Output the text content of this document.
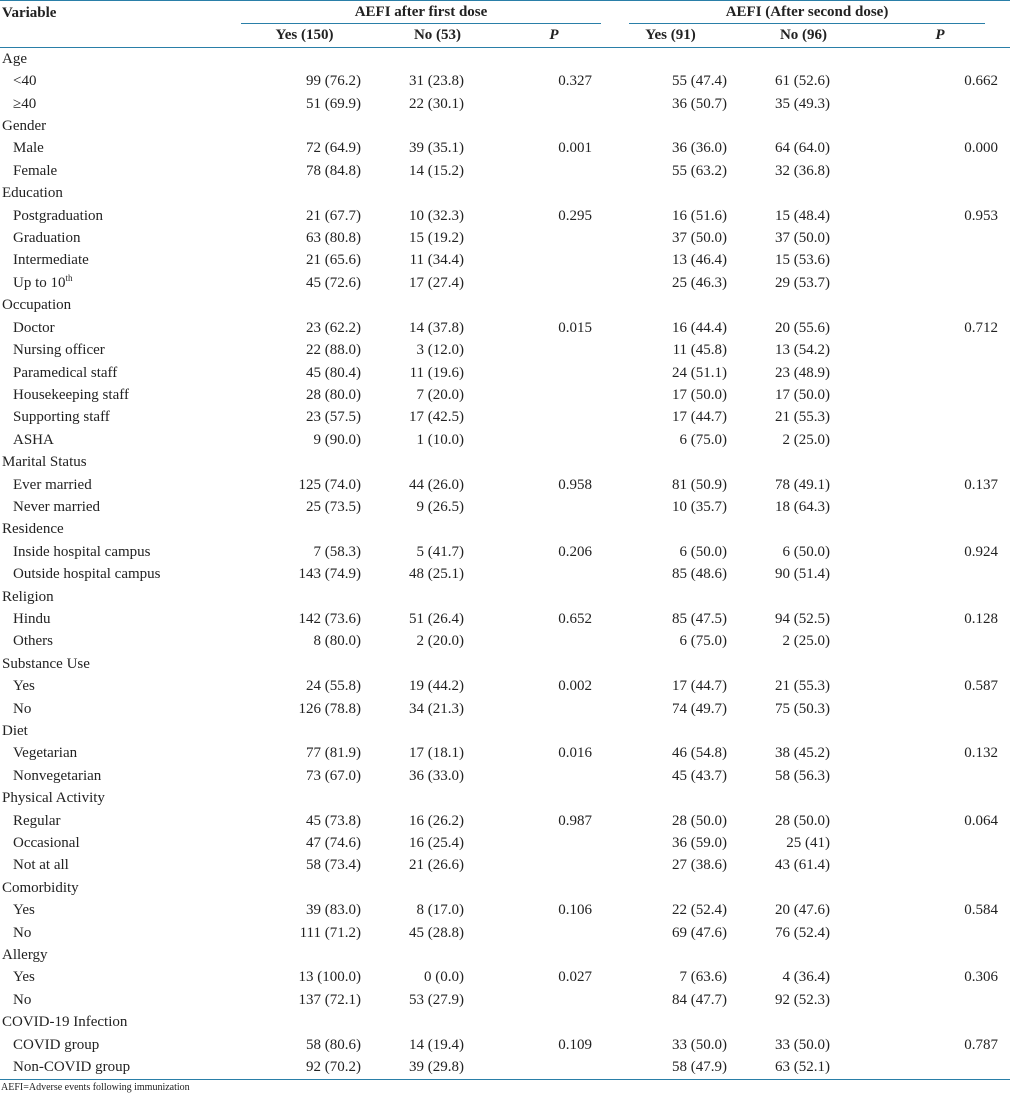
Variable	AEFI after first dose			AEFI (After second dose)		

	Yes (150)	No (53)	P	Yes (91)	No (96)	P
Age						
<40	99 (76.2)	31 (23.8)	0.327	55 (47.4)	61 (52.6)	0.662
≥40	51 (69.9)	22 (30.1)		36 (50.7)	35 (49.3)	
Gender						
Male	72 (64.9)	39 (35.1)	0.001	36 (36.0)	64 (64.0)	0.000
Female	78 (84.8)	14 (15.2)		55 (63.2)	32 (36.8)	
Education						
Postgraduation	21 (67.7)	10 (32.3)	0.295	16 (51.6)	15 (48.4)	0.953
Graduation	63 (80.8)	15 (19.2)		37 (50.0)	37 (50.0)	
Intermediate	21 (65.6)	11 (34.4)		13 (46.4)	15 (53.6)	
Up to 10th	45 (72.6)	17 (27.4)		25 (46.3)	29 (53.7)	
Occupation						
Doctor	23 (62.2)	14 (37.8)	0.015	16 (44.4)	20 (55.6)	0.712
Nursing officer	22 (88.0)	3 (12.0)		11 (45.8)	13 (54.2)	
Paramedical staff	45 (80.4)	11 (19.6)		24 (51.1)	23 (48.9)	
Housekeeping staff	28 (80.0)	7 (20.0)		17 (50.0)	17 (50.0)	
Supporting staff	23 (57.5)	17 (42.5)		17 (44.7)	21 (55.3)	
ASHA	9 (90.0)	1 (10.0)		6 (75.0)	2 (25.0)	
Marital Status						
Ever married	125 (74.0)	44 (26.0)	0.958	81 (50.9)	78 (49.1)	0.137
Never married	25 (73.5)	9 (26.5)		10 (35.7)	18 (64.3)	
Residence						
Inside hospital campus	7 (58.3)	5 (41.7)	0.206	6 (50.0)	6 (50.0)	0.924
Outside hospital campus	143 (74.9)	48 (25.1)		85 (48.6)	90 (51.4)	
Religion						
Hindu	142 (73.6)	51 (26.4)	0.652	85 (47.5)	94 (52.5)	0.128
Others	8 (80.0)	2 (20.0)		6 (75.0)	2 (25.0)	
Substance Use						
Yes	24 (55.8)	19 (44.2)	0.002	17 (44.7)	21 (55.3)	0.587
No	126 (78.8)	34 (21.3)		74 (49.7)	75 (50.3)	
Diet						
Vegetarian	77 (81.9)	17 (18.1)	0.016	46 (54.8)	38 (45.2)	0.132
Nonvegetarian	73 (67.0)	36 (33.0)		45 (43.7)	58 (56.3)	
Physical Activity						
Regular	45 (73.8)	16 (26.2)	0.987	28 (50.0)	28 (50.0)	0.064
Occasional	47 (74.6)	16 (25.4)		36 (59.0)	25 (41)	
Not at all	58 (73.4)	21 (26.6)		27 (38.6)	43 (61.4)	
Comorbidity						
Yes	39 (83.0)	8 (17.0)	0.106	22 (52.4)	20 (47.6)	0.584
No	111 (71.2)	45 (28.8)		69 (47.6)	76 (52.4)	
Allergy						
Yes	13 (100.0)	0 (0.0)	0.027	7 (63.6)	4 (36.4)	0.306
No	137 (72.1)	53 (27.9)		84 (47.7)	92 (52.3)	
COVID-19 Infection						
COVID group	58 (80.6)	14 (19.4)	0.109	33 (50.0)	33 (50.0)	0.787
Non-COVID group	92 (70.2)	39 (29.8)		58 (47.9)	63 (52.1)	
AEFI=Adverse events following immunization
